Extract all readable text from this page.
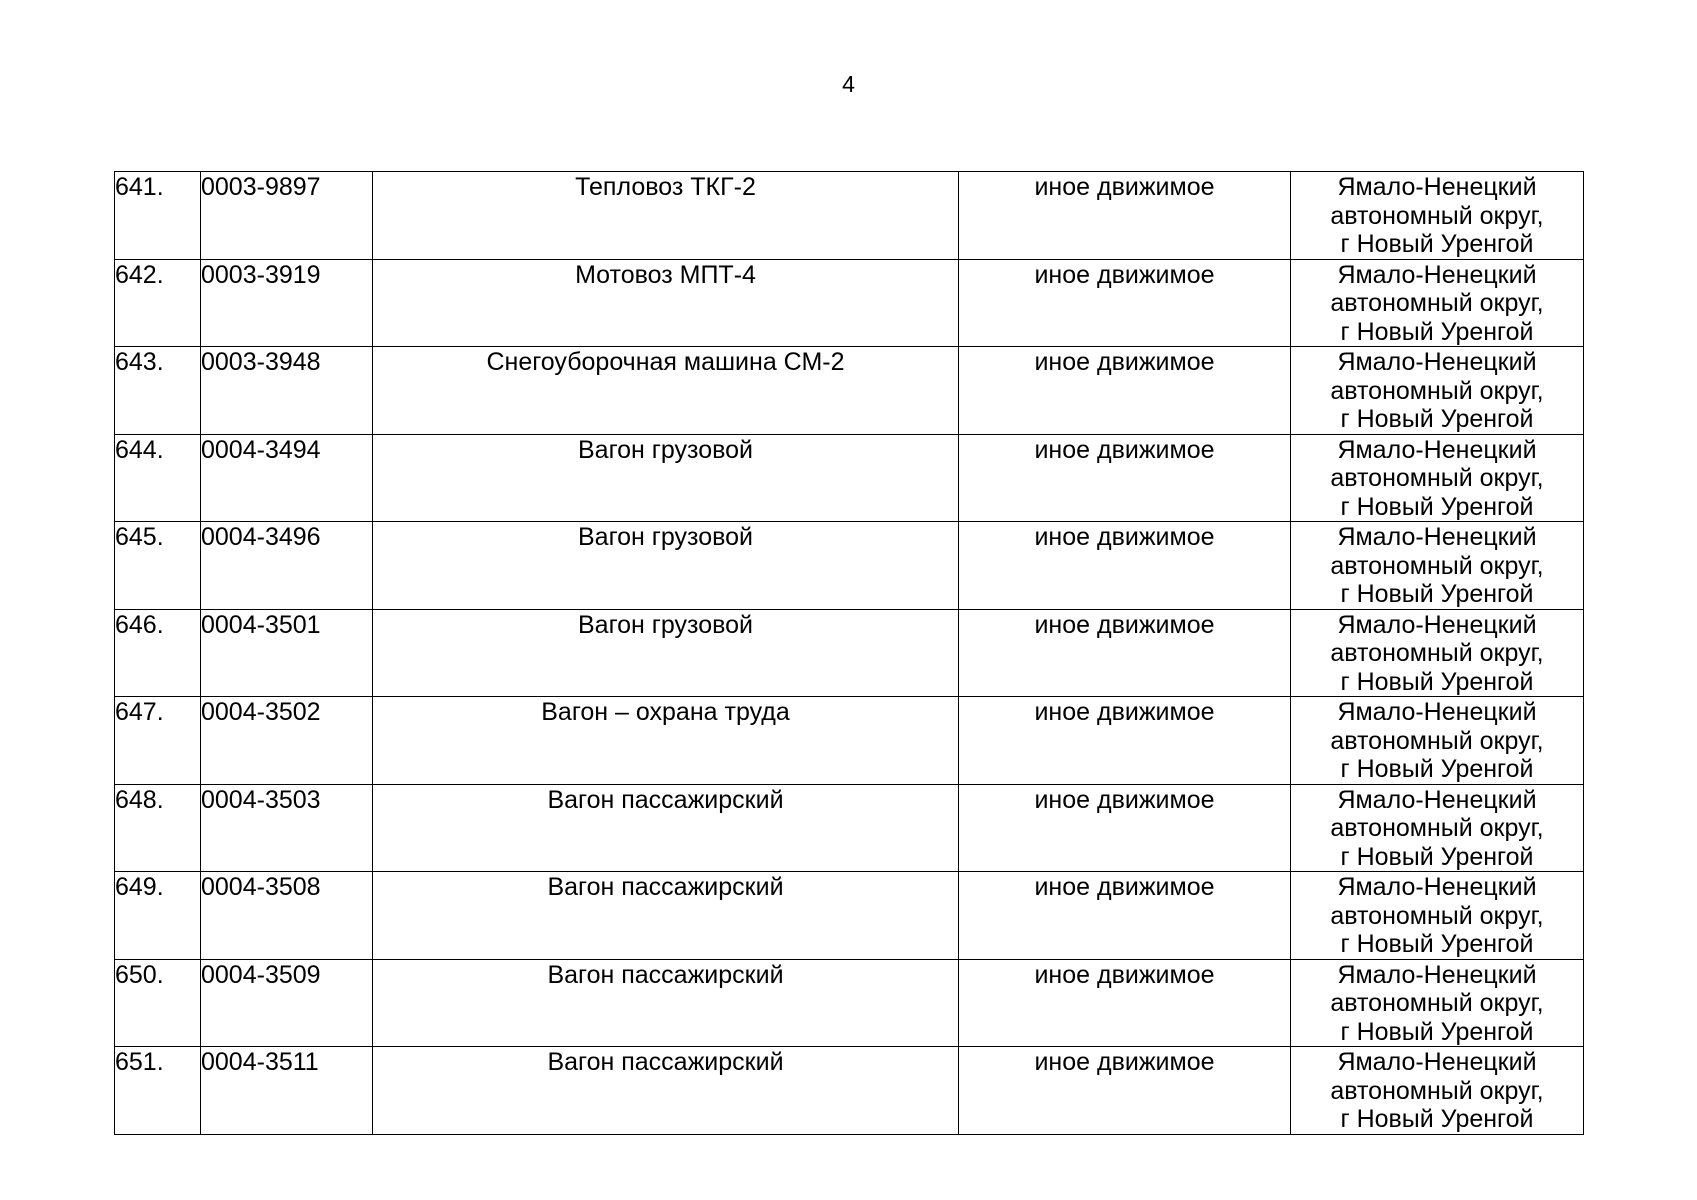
4
641.	0003-9897	Тепловоз ТКГ-2	иное движимое	Ямало-Ненецкий
автономный округ,
г Новый Уренгой

642.	0003-3919	Мотовоз МПТ-4	иное движимое	Ямало-Ненецкий
автономный округ,
г Новый Уренгой

643.	0003-3948	Снегоуборочная машина СМ-2	иное движимое	Ямало-Ненецкий
автономный округ,
г Новый Уренгой

644.	0004-3494	Вагон грузовой	иное движимое	Ямало-Ненецкий
автономный округ,
г Новый Уренгой

645.	0004-3496	Вагон грузовой	иное движимое	Ямало-Ненецкий
автономный округ,
г Новый Уренгой

646.	0004-3501	Вагон грузовой	иное движимое	Ямало-Ненецкий
автономный округ,
г Новый Уренгой

647.	0004-3502	Вагон – охрана труда	иное движимое	Ямало-Ненецкий
автономный округ,
г Новый Уренгой

648.	0004-3503	Вагон пассажирский	иное движимое	Ямало-Ненецкий
автономный округ,
г Новый Уренгой

649.	0004-3508	Вагон пассажирский	иное движимое	Ямало-Ненецкий
автономный округ,
г Новый Уренгой

650.	0004-3509	Вагон пассажирский	иное движимое	Ямало-Ненецкий
автономный округ,
г Новый Уренгой

651.	0004-3511	Вагон пассажирский	иное движимое	Ямало-Ненецкий
автономный округ,
г Новый Уренгой
